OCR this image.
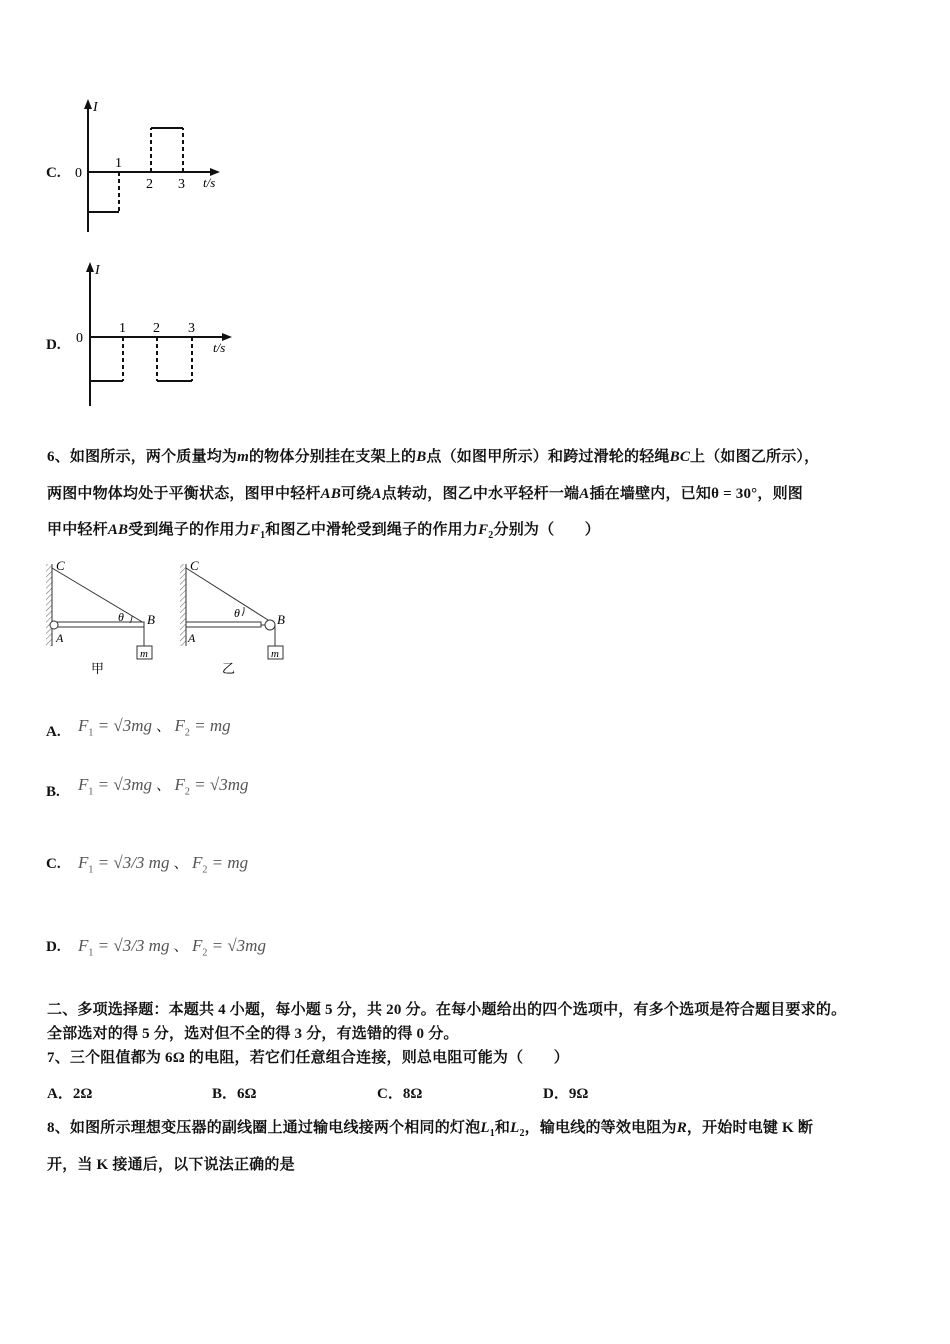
C.
I
0
1
2 3 t/s
D.
I
0
1 2 3
t/s
6、如图所示，两个质量均为m的物体分别挂在支架上的B点（如图甲所示）和跨过滑轮的轻绳BC上（如图乙所示），
两图中物体均处于平衡状态，图甲中轻杆AB可绕A点转动，图乙中水平轻杆一端A插在墙壁内，已知θ = 30°，则图
甲中轻杆AB受到绳子的作用力$F_1$和图乙中滑轮受到绳子的作用力$F_2$分别为（　　）
C
A
B
θ
m
甲
C
A
B
θ
m
乙
A. $F_1 = √3mg$ 、 $F_2$ = mg
B. $F_1 = √3mg$ 、 $F_2 = √3mg$
C. $F_1 = √3/3$ mg 、 $F_2$ = mg
D. $F_1 = √3/3$ mg 、 $F_2 = √3mg$
二、多项选择题：本题共 4 小题，每小题 5 分，共 20 分。在每小题给出的四个选项中，有多个选项是符合题目要求的。
全部选对的得 5 分，选对但不全的得 3 分，有选错的得 0 分。
7、三个阻值都为 6Ω 的电阻，若它们任意组合连接，则总电阻可能为（　　）
A．2Ω	B．6Ω	C．8Ω	D．9Ω
8、如图所示理想变压器的副线圈上通过输电线接两个相同的灯泡$L_1$和$L_2$，输电线的等效电阻为R，开始时电键 K 断
开，当 K 接通后，以下说法正确的是
